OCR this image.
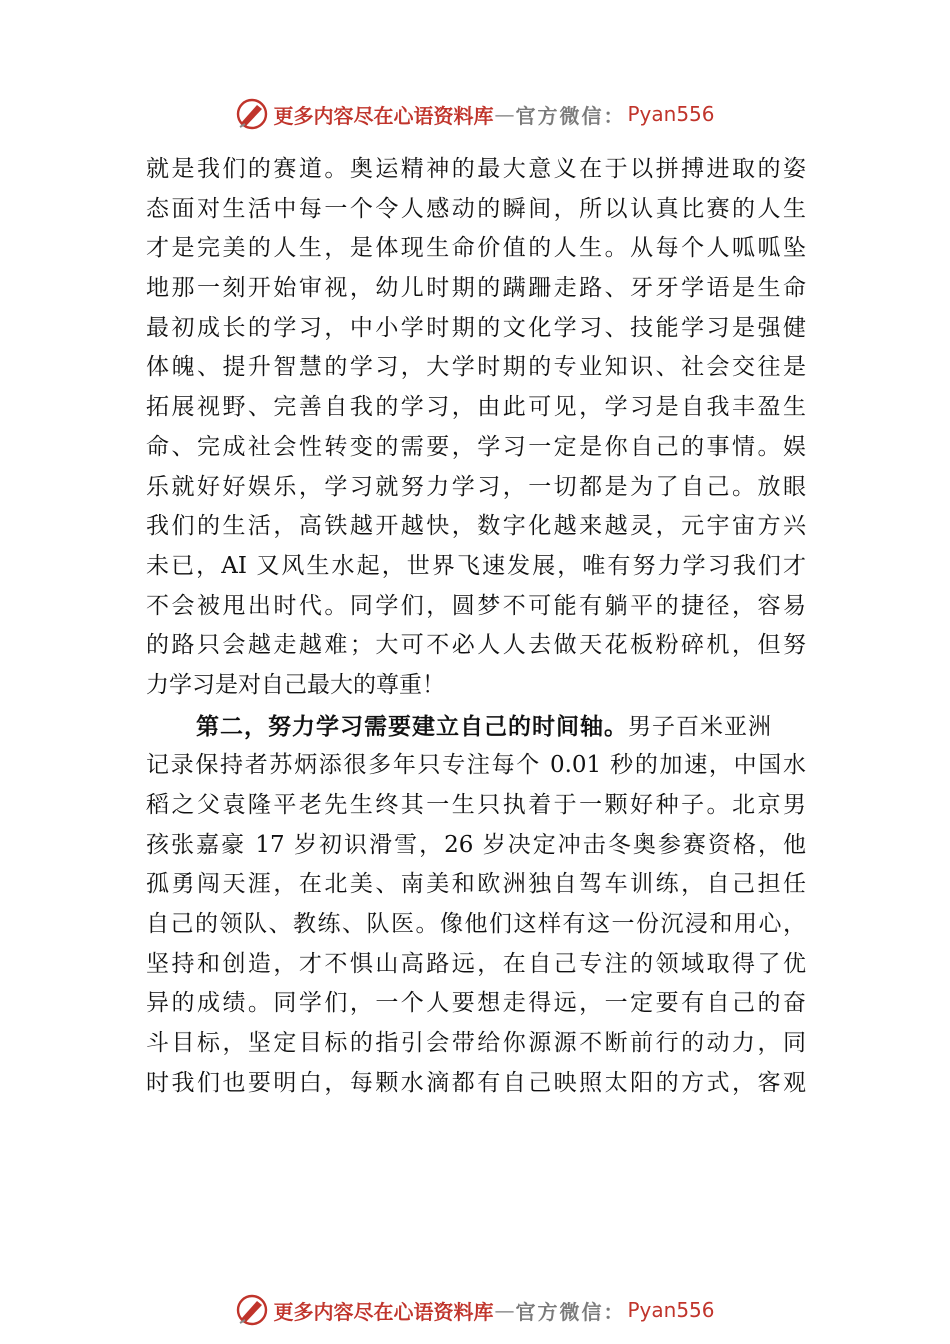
更多内容尽在心语资料库 — 官方微信： Pyan556
就是我们的赛道。奥运精神的最大意义在于以拼搏进取的姿
态面对生活中每一个令人感动的瞬间，所以认真比赛的人生
才是完美的人生，是体现生命价值的人生。从每个人呱呱坠
地那一刻开始审视，幼儿时期的蹒跚走路、牙牙学语是生命
最初成长的学习，中小学时期的文化学习、技能学习是强健
体魄、提升智慧的学习，大学时期的专业知识、社会交往是
拓展视野、完善自我的学习，由此可见，学习是自我丰盈生
命、完成社会性转变的需要，学习一定是你自己的事情。娱
乐就好好娱乐，学习就努力学习，一切都是为了自己。放眼
我们的生活，高铁越开越快，数字化越来越灵，元宇宙方兴
未已，AI 又风生水起，世界飞速发展，唯有努力学习我们才
不会被甩出时代。同学们，圆梦不可能有躺平的捷径，容易
的路只会越走越难；大可不必人人去做天花板粉碎机，但努
力学习是对自己最大的尊重！
第二，努力学习需要建立自己的时间轴。男子百米亚洲
记录保持者苏炳添很多年只专注每个 0.01 秒的加速，中国水
稻之父袁隆平老先生终其一生只执着于一颗好种子。北京男
孩张嘉豪 17 岁初识滑雪，26 岁决定冲击冬奥参赛资格，他
孤勇闯天涯，在北美、南美和欧洲独自驾车训练，自己担任
自己的领队、教练、队医。像他们这样有这一份沉浸和用心，
坚持和创造，才不惧山高路远，在自己专注的领域取得了优
异的成绩。同学们，一个人要想走得远，一定要有自己的奋
斗目标，坚定目标的指引会带给你源源不断前行的动力，同
时我们也要明白，每颗水滴都有自己映照太阳的方式，客观
更多内容尽在心语资料库 — 官方微信： Pyan556
